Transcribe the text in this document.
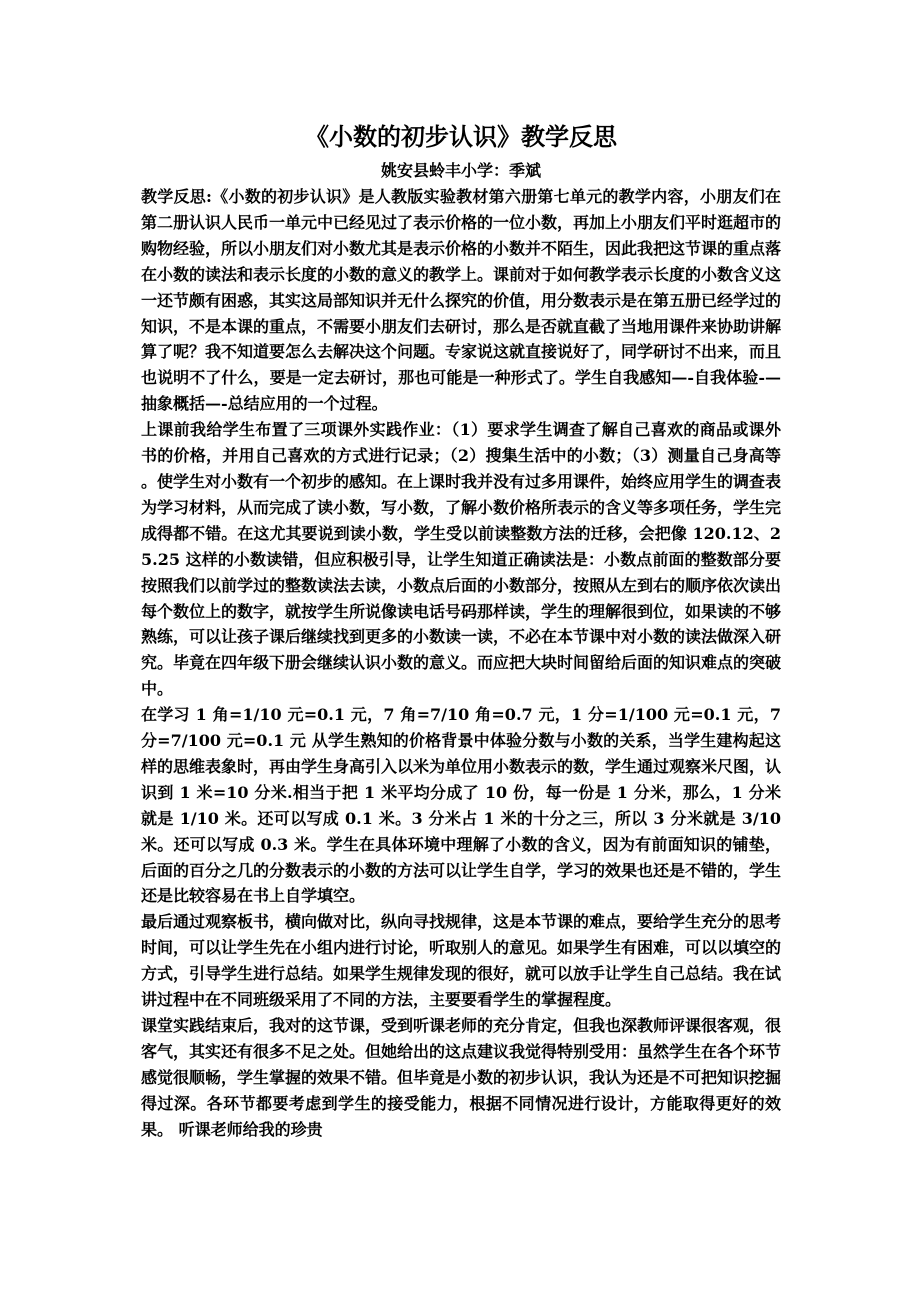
《小数的初步认识》教学反思

姚安县蛉丰小学：季斌

教学反思:《小数的初步认识》是人教版实验教材第六册第七单元的教学内容，小朋友们在第二册认识人民币一单元中已经见过了表示价格的一位小数，再加上小朋友们平时逛超市的购物经验，所以小朋友们对小数尤其是表示价格的小数并不陌生，因此我把这节课的重点落在小数的读法和表示长度的小数的意义的教学上。课前对于如何教学表示长度的小数含义这一还节颇有困惑，其实这局部知识并无什么探究的价值，用分数表示是在第五册已经学过的知识，不是本课的重点，不需要小朋友们去研讨，那么是否就直截了当地用课件来协助讲解算了呢？我不知道要怎么去解决这个问题。专家说这就直接说好了，同学研讨不出来，而且也说明不了什么，要是一定去研讨，那也可能是一种形式了。学生自我感知—-自我体验-—抽象概括—-总结应用的一个过程。

上课前我给学生布置了三项课外实践作业：（1）要求学生调查了解自己喜欢的商品或课外书的价格，并用自己喜欢的方式进行记录；（2）搜集生活中的小数；（3）测量自己身高等 。使学生对小数有一个初步的感知。在上课时我并没有过多用课件，始终应用学生的调查表为学习材料，从而完成了读小数，写小数，了解小数价格所表示的含义等多项任务，学生完成得都不错。在这尤其要说到读小数，学生受以前读整数方法的迁移，会把像 120.12、25.25 这样的小数读错，但应积极引导，让学生知道正确读法是：小数点前面的整数部分要按照我们以前学过的整数读法去读，小数点后面的小数部分，按照从左到右的顺序依次读出每个数位上的数字，就按学生所说像读电话号码那样读，学生的理解很到位，如果读的不够熟练，可以让孩子课后继续找到更多的小数读一读，不必在本节课中对小数的读法做深入研究。毕竟在四年级下册会继续认识小数的意义。而应把大块时间留给后面的知识难点的突破中。

在学习 1 角=1/10 元=0.1 元，7 角=7/10 角=0.7 元，1 分=1/100 元=0.1 元，7 分=7/100 元=0.1 元 从学生熟知的价格背景中体验分数与小数的关系，当学生建构起这样的思维表象时，再由学生身高引入以米为单位用小数表示的数，学生通过观察米尺图，认识到 1 米=10 分米.相当于把 1 米平均分成了 10 份，每一份是 1 分米，那么，1 分米就是 1/10 米。还可以写成 0.1 米。3 分米占 1 米的十分之三，所以 3 分米就是 3/10 米。还可以写成 0.3 米。学生在具体环境中理解了小数的含义，因为有前面知识的铺垫，后面的百分之几的分数表示的小数的方法可以让学生自学，学习的效果也还是不错的，学生还是比较容易在书上自学填空。

最后通过观察板书，横向做对比，纵向寻找规律，这是本节课的难点，要给学生充分的思考时间，可以让学生先在小组内进行讨论，听取别人的意见。如果学生有困难，可以以填空的方式，引导学生进行总结。如果学生规律发现的很好，就可以放手让学生自己总结。我在试讲过程中在不同班级采用了不同的方法，主要要看学生的掌握程度。

课堂实践结束后，我对的这节课，受到听课老师的充分肯定，但我也深教师评课很客观，很客气，其实还有很多不足之处。但她给出的这点建议我觉得特别受用：虽然学生在各个环节感觉很顺畅，学生掌握的效果不错。但毕竟是小数的初步认识，我认为还是不可把知识挖掘得过深。各环节都要考虑到学生的接受能力，根据不同情况进行设计，方能取得更好的效果。 听课老师给我的珍贵
